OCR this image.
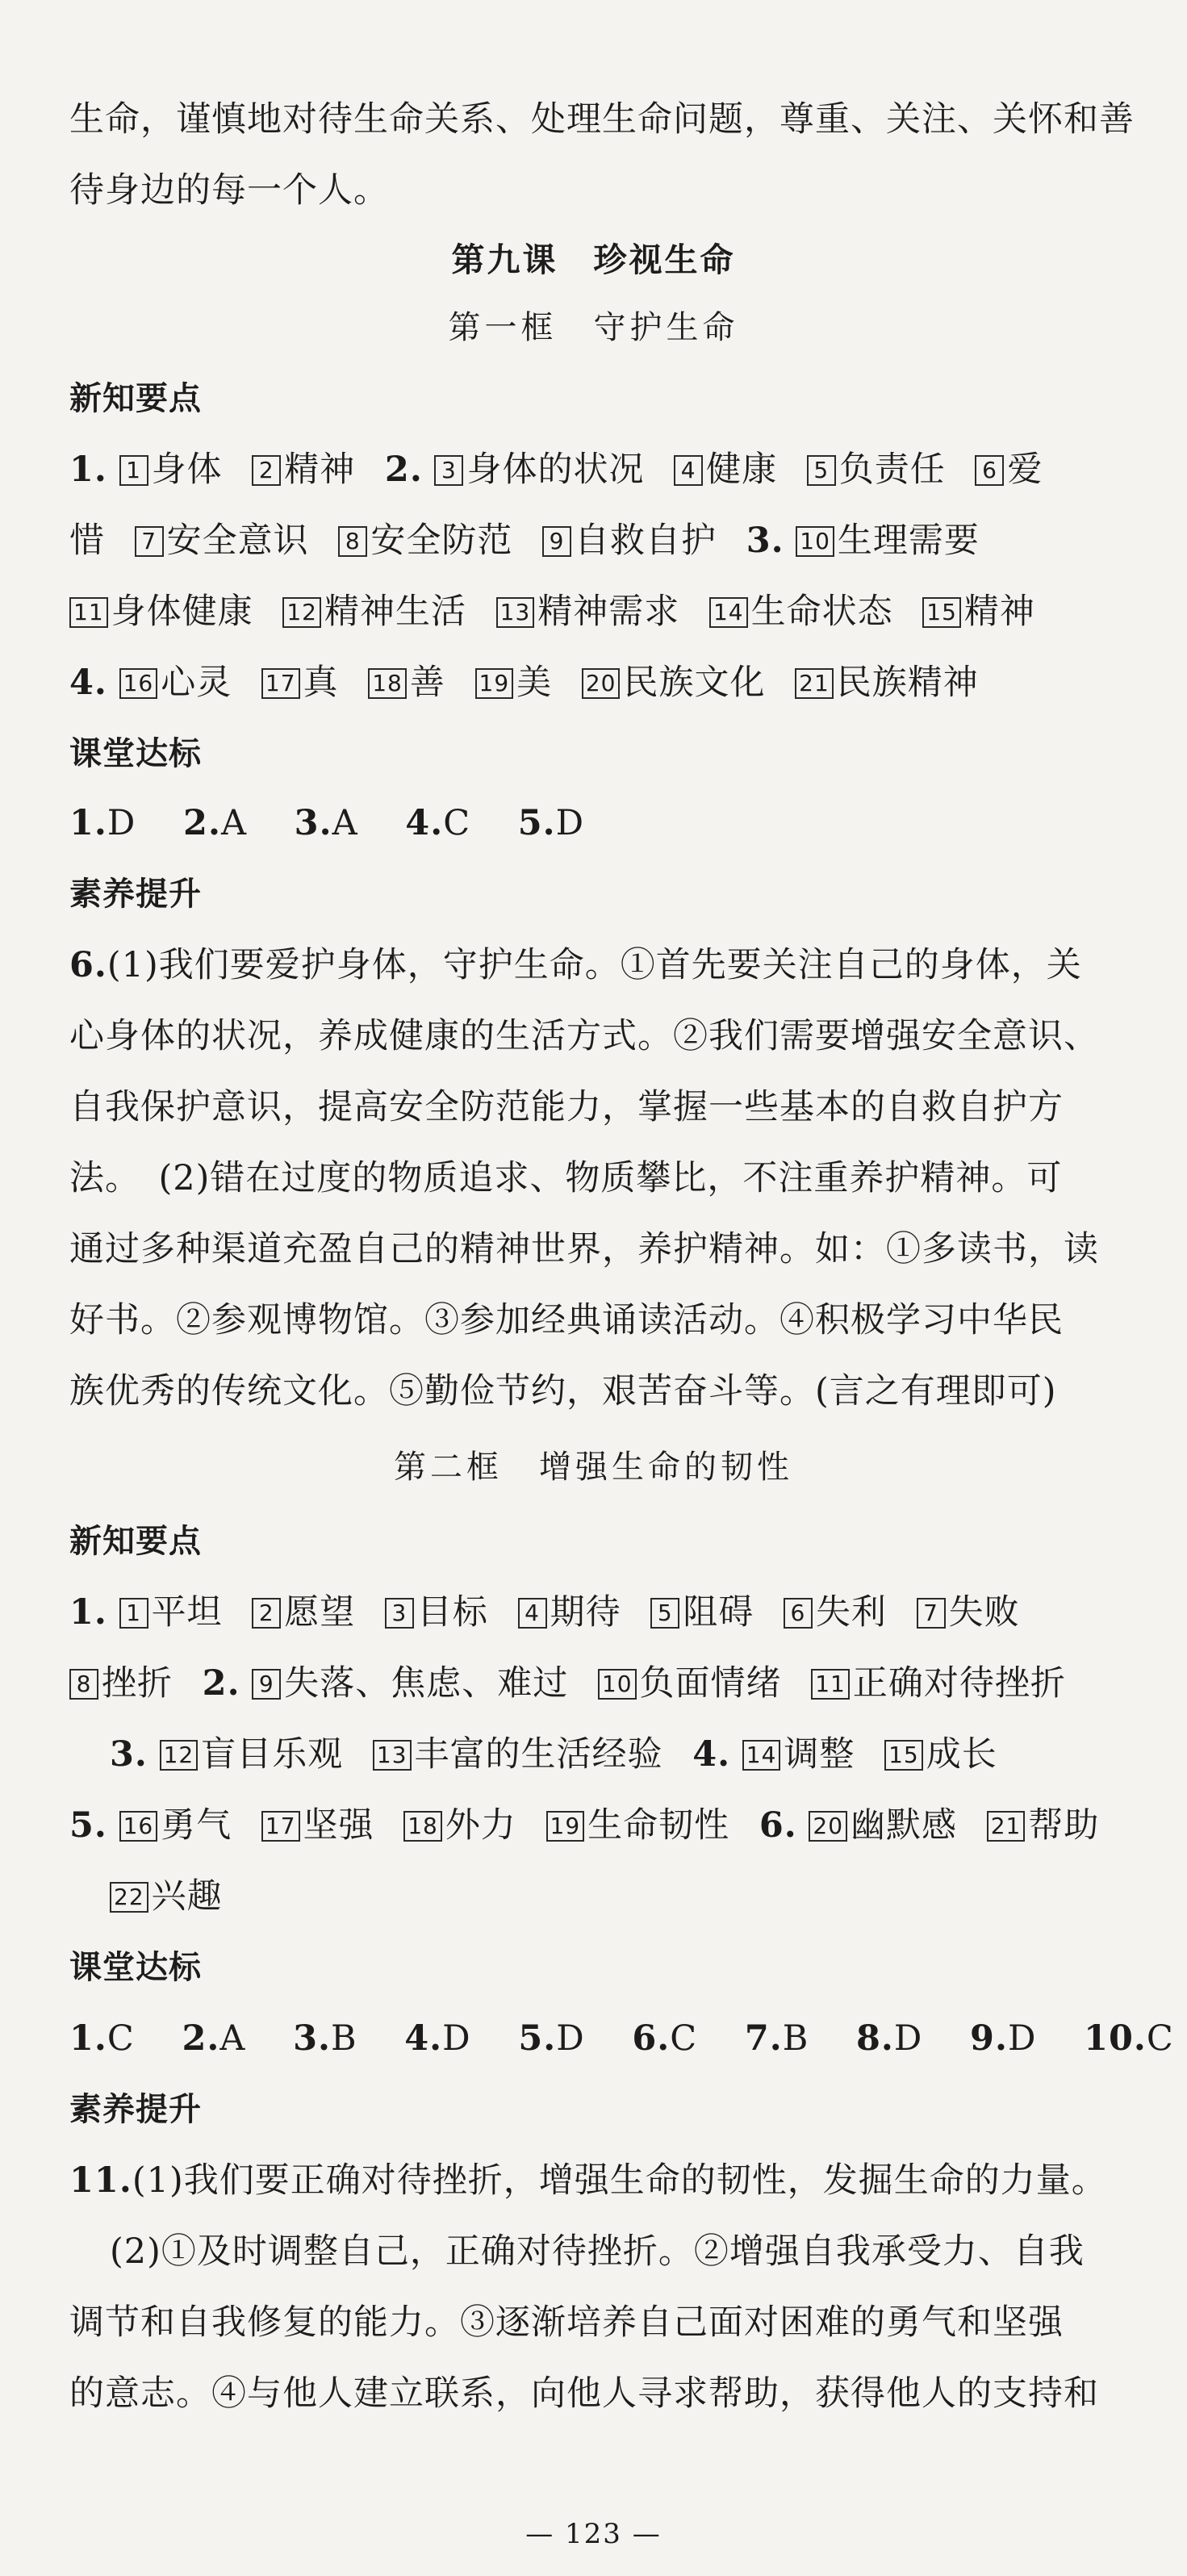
生命，谨慎地对待生命关系、处理生命问题，尊重、关注、关怀和善
待身边的每一个人。
第九课　珍视生命
第一框　守护生命
新知要点
1. 1 身体 2 精神 2. 3 身体的状况 4 健康 5 负责任 6 爱
惜 7 安全意识 8 安全防范 9 自救自护 3. 10 生理需要
11 身体健康 12 精神生活 13 精神需求 14 生命状态 15 精神
4. 16 心灵 17 真 18 善 19 美 20 民族文化 21 民族精神
课堂达标
1.D 2.A 3.A 4.C 5.D
素养提升
6.(1)我们要爱护身体，守护生命。①首先要关注自己的身体，关
心身体的状况，养成健康的生活方式。②我们需要增强安全意识、
自我保护意识，提高安全防范能力，掌握一些基本的自救自护方
法。　(2)错在过度的物质追求、物质攀比，不注重养护精神。可
通过多种渠道充盈自己的精神世界，养护精神。如：①多读书，读
好书。②参观博物馆。③参加经典诵读活动。④积极学习中华民
族优秀的传统文化。⑤勤俭节约，艰苦奋斗等。(言之有理即可)
第二框　增强生命的韧性
新知要点
1. 1 平坦 2 愿望 3 目标 4 期待 5 阻碍 6 失利 7 失败
8 挫折 2. 9 失落、焦虑、难过 10 负面情绪 11 正确对待挫折
3. 12 盲目乐观 13 丰富的生活经验 4. 14 调整 15 成长
5. 16 勇气 17 坚强 18 外力 19 生命韧性 6. 20 幽默感 21 帮助
22 兴趣
课堂达标
1.C 2.A 3.B 4.D 5.D 6.C 7.B 8.D 9.D 10.C
素养提升
11.(1)我们要正确对待挫折，增强生命的韧性，发掘生命的力量。
(2)①及时调整自己，正确对待挫折。②增强自我承受力、自我
调节和自我修复的能力。③逐渐培养自己面对困难的勇气和坚强
的意志。④与他人建立联系，向他人寻求帮助，获得他人的支持和
— 123 —
